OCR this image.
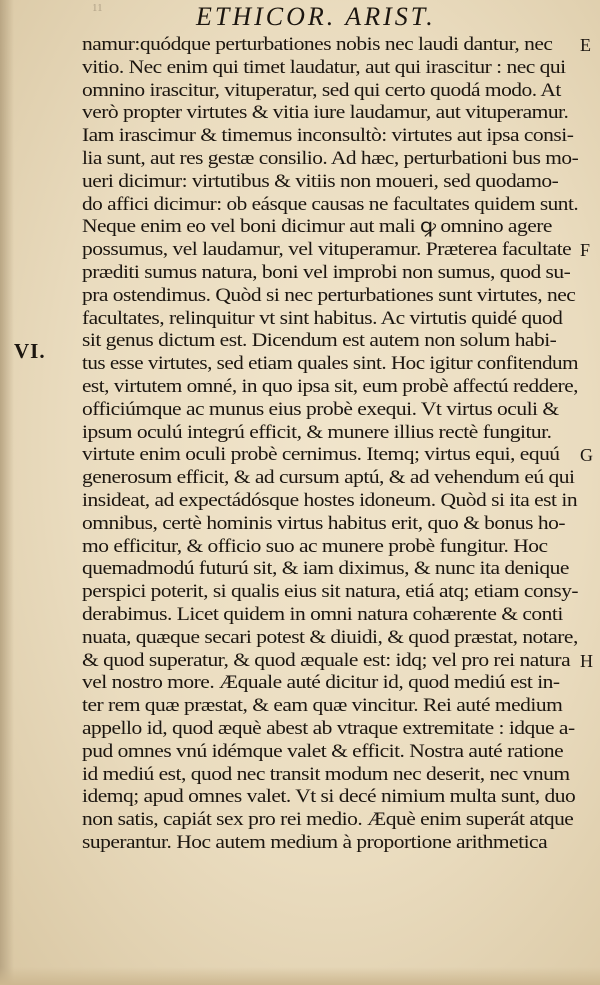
11	ETHICOR. ARIST.
VI.
namur:quódque perturbationes nobis nec laudi dantur, nec E
vitio. Nec enim qui timet laudatur, aut qui irascitur : nec qui
omnino irascitur, vituperatur, sed qui certo quodá modo. At
verò propter virtutes & vitia iure laudamur, aut vituperamur.
Iam irascimur & timemus inconsultò: virtutes aut ipsa consi-
lia sunt, aut res gestæ consilio. Ad hæc, perturbationi bus mo-
ueri dicimur: virtutibus & vitiis non moueri, sed quodamo-
do affici dicimur: ob eásque causas ne facultates quidem sunt.
Neque enim eo vel boni dicimur aut mali ꝙ omnino agere
possumus, vel laudamur, vel vituperamur. Præterea facultate F
præditi sumus natura, boni vel improbi non sumus, quod su-
pra ostendimus. Quòd si nec perturbationes sunt virtutes, nec
facultates, relinquitur vt sint habitus. Ac virtutis quidé quod
sit genus dictum est. Dicendum est autem non solum habi-
tus esse virtutes, sed etiam quales sint. Hoc igitur confitendum
est, virtutem omné, in quo ipsa sit, eum probè affectú reddere,
officiúmque ac munus eius probè exequi. Vt virtus oculi &
ipsum oculú integrú efficit, & munere illius rectè fungitur.
virtute enim oculi probè cernimus. Itemq; virtus equi, equú G
generosum efficit, & ad cursum aptú, & ad vehendum eú qui
insideat, ad expectádósque hostes idoneum. Quòd si ita est in
omnibus, certè hominis virtus habitus erit, quo & bonus ho-
mo efficitur, & officio suo ac munere probè fungitur. Hoc
quemadmodú futurú sit, & iam diximus, & nunc ita denique
perspici poterit, si qualis eius sit natura, etiá atq; etiam consy-
derabimus. Licet quidem in omni natura cohærente & conti
nuata, quæque secari potest & diuidi, & quod præstat, notare,
& quod superatur, & quod æquale est: idq; vel pro rei natura H
vel nostro more. Æquale auté dicitur id, quod mediú est in-
ter rem quæ præstat, & eam quæ vincitur. Rei auté medium
appello id, quod æquè abest ab vtraque extremitate : idque a-
pud omnes vnú idémque valet & efficit. Nostra auté ratione
id mediú est, quod nec transit modum nec deserit, nec vnum
idemq; apud omnes valet. Vt si decé nimium multa sunt, duo
non satis, capiát sex pro rei medio. Æquè enim superát atque
superantur. Hoc autem medium à proportione arithmetica
